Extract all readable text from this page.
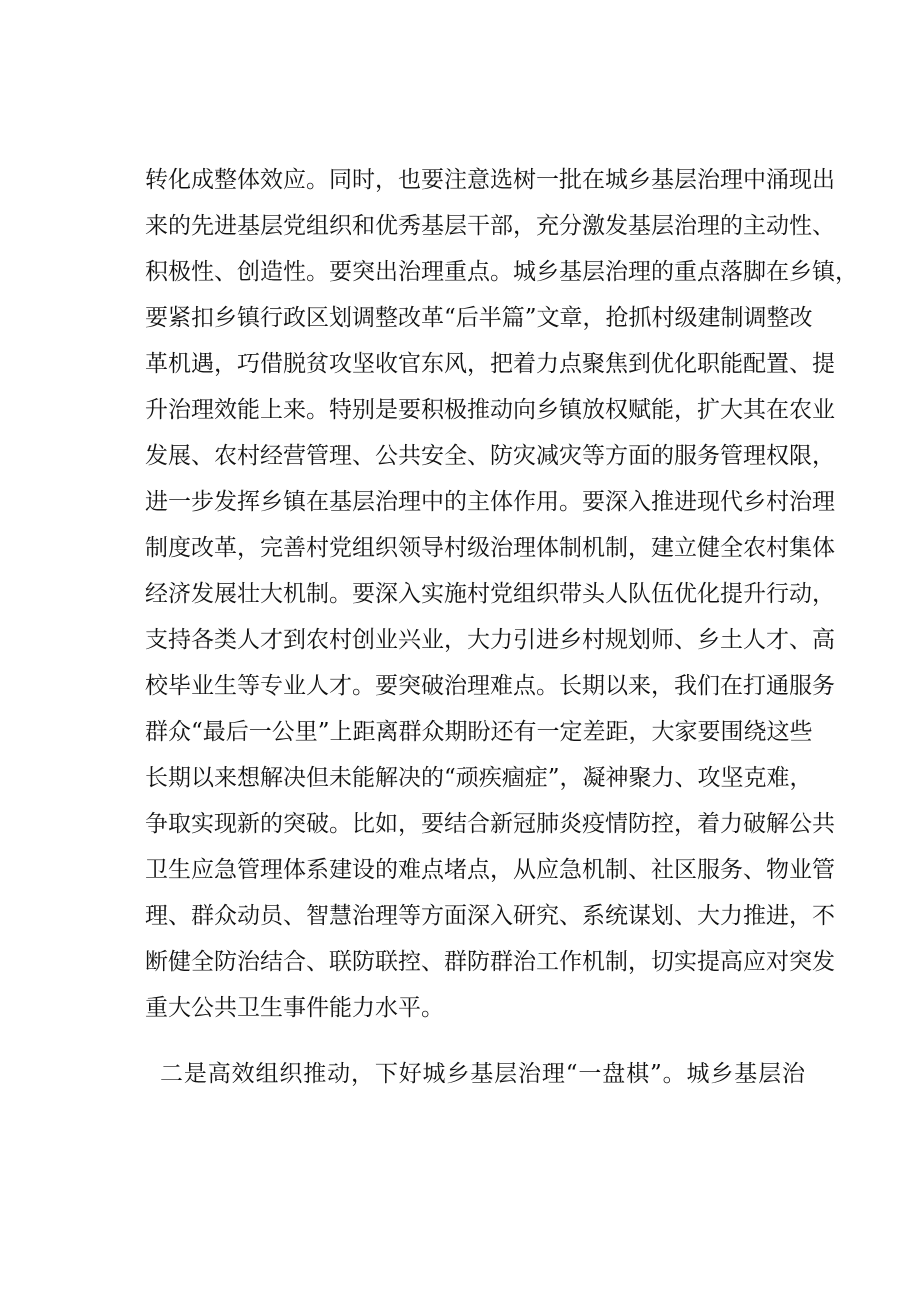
转化成整体效应。同时，也要注意选树一批在城乡基层治理中涌现出
来的先进基层党组织和优秀基层干部，充分激发基层治理的主动性、
积极性、创造性。要突出治理重点。城乡基层治理的重点落脚在乡镇，
要紧扣乡镇行政区划调整改革“后半篇”文章，抢抓村级建制调整改
革机遇，巧借脱贫攻坚收官东风，把着力点聚焦到优化职能配置、提
升治理效能上来。特别是要积极推动向乡镇放权赋能，扩大其在农业
发展、农村经营管理、公共安全、防灾减灾等方面的服务管理权限，
进一步发挥乡镇在基层治理中的主体作用。要深入推进现代乡村治理
制度改革，完善村党组织领导村级治理体制机制，建立健全农村集体
经济发展壮大机制。要深入实施村党组织带头人队伍优化提升行动，
支持各类人才到农村创业兴业，大力引进乡村规划师、乡土人才、高
校毕业生等专业人才。要突破治理难点。长期以来，我们在打通服务
群众“最后一公里”上距离群众期盼还有一定差距，大家要围绕这些
长期以来想解决但未能解决的“顽疾痼症”，凝神聚力、攻坚克难，
争取实现新的突破。比如，要结合新冠肺炎疫情防控，着力破解公共
卫生应急管理体系建设的难点堵点，从应急机制、社区服务、物业管
理、群众动员、智慧治理等方面深入研究、系统谋划、大力推进，不
断健全防治结合、联防联控、群防群治工作机制，切实提高应对突发
重大公共卫生事件能力水平。
二是高效组织推动，下好城乡基层治理“一盘棋”。城乡基层治
